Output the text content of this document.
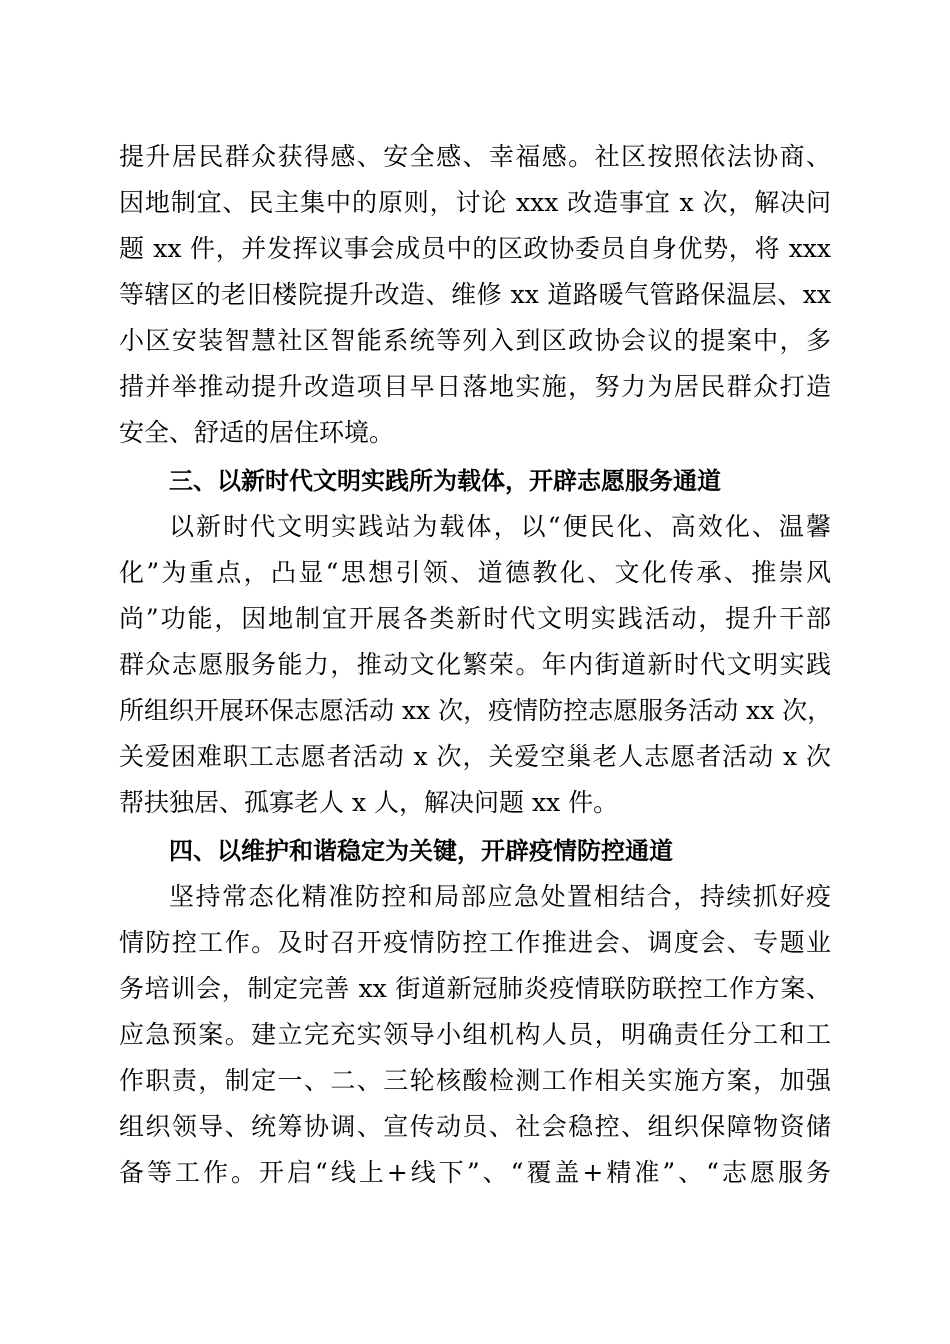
提升居民群众获得感、安全感、幸福感。社区按照依法协商、
因地制宜、民主集中的原则，讨论 xxx 改造事宜 x 次，解决问
题 xx 件，并发挥议事会成员中的区政协委员自身优势，将 xxx
等辖区的老旧楼院提升改造、维修 xx 道路暖气管路保温层、xx
小区安装智慧社区智能系统等列入到区政协会议的提案中，多
措并举推动提升改造项目早日落地实施，努力为居民群众打造
安全、舒适的居住环境。
三、以新时代文明实践所为载体，开辟志愿服务通道
以新时代文明实践站为载体，以“便民化、高效化、温馨
化”为重点，凸显“思想引领、道德教化、文化传承、推崇风
尚”功能，因地制宜开展各类新时代文明实践活动，提升干部
群众志愿服务能力，推动文化繁荣。年内街道新时代文明实践
所组织开展环保志愿活动 xx 次，疫情防控志愿服务活动 xx 次，
关爱困难职工志愿者活动 x 次，关爱空巢老人志愿者活动 x 次
帮扶独居、孤寡老人 x 人，解决问题 xx 件。
四、以维护和谐稳定为关键，开辟疫情防控通道
坚持常态化精准防控和局部应急处置相结合，持续抓好疫
情防控工作。及时召开疫情防控工作推进会、调度会、专题业
务培训会，制定完善 xx 街道新冠肺炎疫情联防联控工作方案、
应急预案。建立完充实领导小组机构人员，明确责任分工和工
作职责，制定一、二、三轮核酸检测工作相关实施方案，加强
组织领导、统筹协调、宣传动员、社会稳控、组织保障物资储
备等工作。开启“线上+线下”、“覆盖+精准”、“志愿服务
